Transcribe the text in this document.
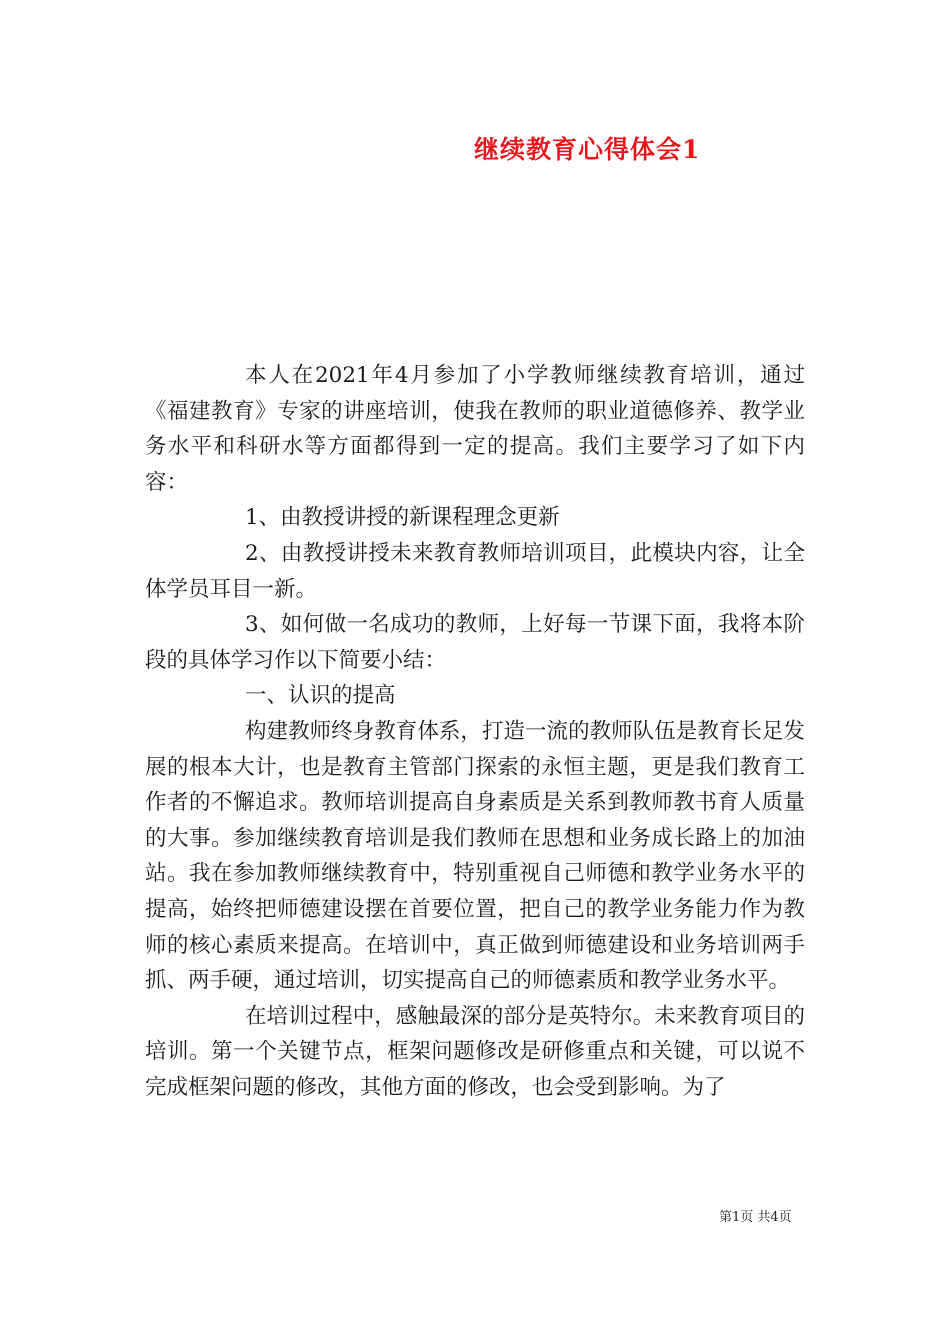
继续教育心得体会1

本人在2021年4月参加了小学教师继续教育培训，通过《福建教育》专家的讲座培训，使我在教师的职业道德修养、教学业务水平和科研水等方面都得到一定的提高。我们主要学习了如下内容：

1、由教授讲授的新课程理念更新

2、由教授讲授未来教育教师培训项目，此模块内容，让全体学员耳目一新。

3、如何做一名成功的教师，上好每一节课下面，我将本阶段的具体学习作以下简要小结：

一、认识的提高

构建教师终身教育体系，打造一流的教师队伍是教育长足发展的根本大计，也是教育主管部门探索的永恒主题，更是我们教育工作者的不懈追求。教师培训提高自身素质是关系到教师教书育人质量的大事。参加继续教育培训是我们教师在思想和业务成长路上的加油站。我在参加教师继续教育中，特别重视自己师德和教学业务水平的提高，始终把师德建设摆在首要位置，把自己的教学业务能力作为教师的核心素质来提高。在培训中，真正做到师德建设和业务培训两手抓、两手硬，通过培训，切实提高自己的师德素质和教学业务水平。

在培训过程中，感触最深的部分是英特尔。未来教育项目的培训。第一个关键节点，框架问题修改是研修重点和关键，可以说不完成框架问题的修改，其他方面的修改，也会受到影响。为了

第1页 共4页
